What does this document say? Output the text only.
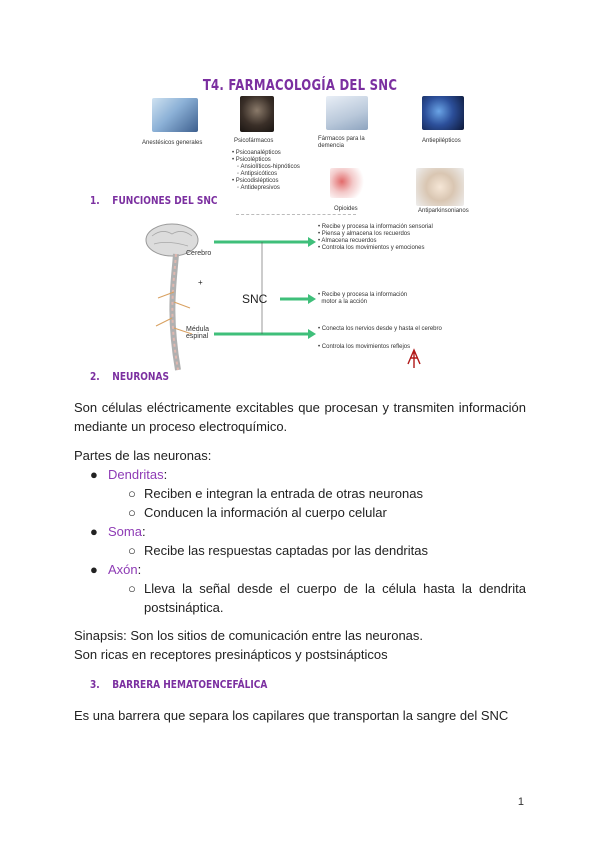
T4. FARMACOLOGÍA DEL SNC
Anestésicos generales	Psicofármacos
• Psicoanalépticos
• Psicolépticos
◦ Ansiolíticos-hipnóticos
◦ Antipsicóticos
• Psicodislépticos
◦ Antidepresivos
Fármacos para la demencia
Antiepilépticos
Opioides	Antiparkinsonianos
1. FUNCIONES DEL SNC
Cerebro
Médula espinal
+
SNC
• Recibe y procesa la información sensorial
• Piensa y almacena los recuerdos
• Almacena recuerdos
• Controla los movimientos y emociones
• Recibe y procesa la información
motor a la acción
• Conecta los nervios desde y hasta el cerebro
• Controla los movimientos reflejos
2. NEURONAS
Son células eléctricamente excitables que procesan y transmiten información mediante un proceso electroquímico.
Partes de las neuronas:
● Dendritas:
○ Reciben e integran la entrada de otras neuronas
○ Conducen la información al cuerpo celular
● Soma:
○ Recibe las respuestas captadas por las dendritas
● Axón:
○ Lleva la señal desde el cuerpo de la célula hasta la dendrita postsináptica.
Sinapsis: Son los sitios de comunicación entre las neuronas.
Son ricas en receptores presinápticos y postsinápticos
3. BARRERA HEMATOENCEFÁLICA
Es una barrera que separa los capilares que transportan la sangre del SNC
1
